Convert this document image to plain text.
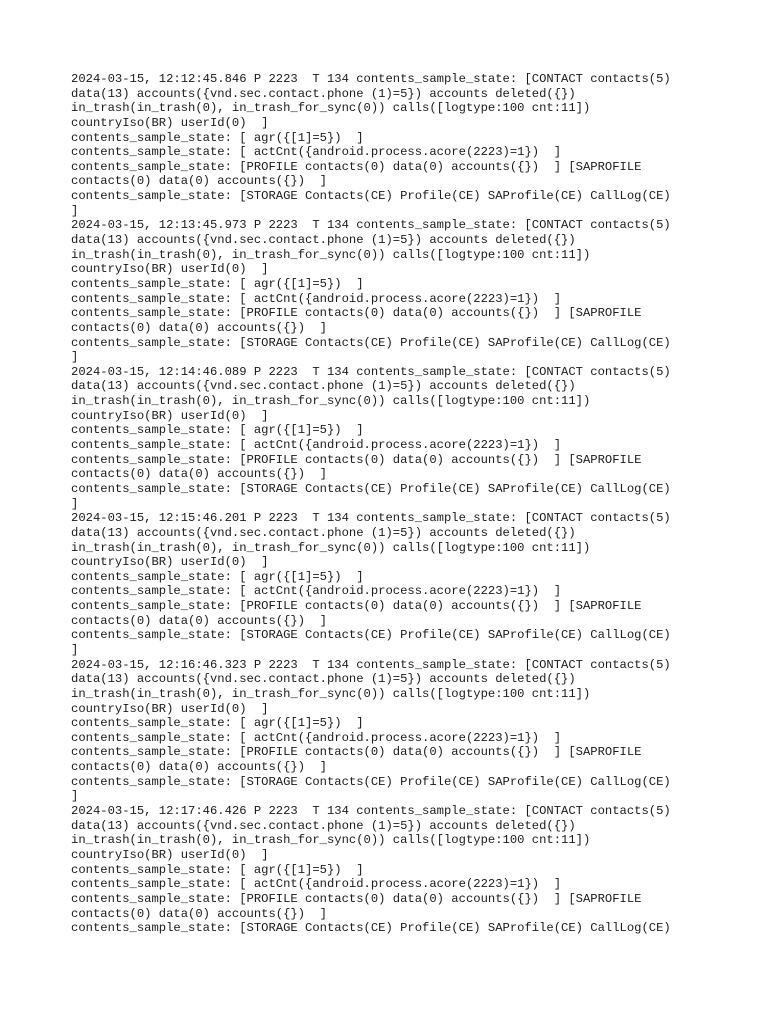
2024-03-15, 12:12:45.846 P 2223  T 134 contents_sample_state: [CONTACT contacts(5)
data(13) accounts({vnd.sec.contact.phone (1)=5}) accounts deleted({})
in_trash(in_trash(0), in_trash_for_sync(0)) calls([logtype:100 cnt:11])
countryIso(BR) userId(0)  ]
contents_sample_state: [ agr({[1]=5})  ]
contents_sample_state: [ actCnt({android.process.acore(2223)=1})  ]
contents_sample_state: [PROFILE contacts(0) data(0) accounts({})  ] [SAPROFILE
contacts(0) data(0) accounts({})  ]
contents_sample_state: [STORAGE Contacts(CE) Profile(CE) SAProfile(CE) CallLog(CE)
]
2024-03-15, 12:13:45.973 P 2223  T 134 contents_sample_state: [CONTACT contacts(5)
data(13) accounts({vnd.sec.contact.phone (1)=5}) accounts deleted({})
in_trash(in_trash(0), in_trash_for_sync(0)) calls([logtype:100 cnt:11])
countryIso(BR) userId(0)  ]
contents_sample_state: [ agr({[1]=5})  ]
contents_sample_state: [ actCnt({android.process.acore(2223)=1})  ]
contents_sample_state: [PROFILE contacts(0) data(0) accounts({})  ] [SAPROFILE
contacts(0) data(0) accounts({})  ]
contents_sample_state: [STORAGE Contacts(CE) Profile(CE) SAProfile(CE) CallLog(CE)
]
2024-03-15, 12:14:46.089 P 2223  T 134 contents_sample_state: [CONTACT contacts(5)
data(13) accounts({vnd.sec.contact.phone (1)=5}) accounts deleted({})
in_trash(in_trash(0), in_trash_for_sync(0)) calls([logtype:100 cnt:11])
countryIso(BR) userId(0)  ]
contents_sample_state: [ agr({[1]=5})  ]
contents_sample_state: [ actCnt({android.process.acore(2223)=1})  ]
contents_sample_state: [PROFILE contacts(0) data(0) accounts({})  ] [SAPROFILE
contacts(0) data(0) accounts({})  ]
contents_sample_state: [STORAGE Contacts(CE) Profile(CE) SAProfile(CE) CallLog(CE)
]
2024-03-15, 12:15:46.201 P 2223  T 134 contents_sample_state: [CONTACT contacts(5)
data(13) accounts({vnd.sec.contact.phone (1)=5}) accounts deleted({})
in_trash(in_trash(0), in_trash_for_sync(0)) calls([logtype:100 cnt:11])
countryIso(BR) userId(0)  ]
contents_sample_state: [ agr({[1]=5})  ]
contents_sample_state: [ actCnt({android.process.acore(2223)=1})  ]
contents_sample_state: [PROFILE contacts(0) data(0) accounts({})  ] [SAPROFILE
contacts(0) data(0) accounts({})  ]
contents_sample_state: [STORAGE Contacts(CE) Profile(CE) SAProfile(CE) CallLog(CE)
]
2024-03-15, 12:16:46.323 P 2223  T 134 contents_sample_state: [CONTACT contacts(5)
data(13) accounts({vnd.sec.contact.phone (1)=5}) accounts deleted({})
in_trash(in_trash(0), in_trash_for_sync(0)) calls([logtype:100 cnt:11])
countryIso(BR) userId(0)  ]
contents_sample_state: [ agr({[1]=5})  ]
contents_sample_state: [ actCnt({android.process.acore(2223)=1})  ]
contents_sample_state: [PROFILE contacts(0) data(0) accounts({})  ] [SAPROFILE
contacts(0) data(0) accounts({})  ]
contents_sample_state: [STORAGE Contacts(CE) Profile(CE) SAProfile(CE) CallLog(CE)
]
2024-03-15, 12:17:46.426 P 2223  T 134 contents_sample_state: [CONTACT contacts(5)
data(13) accounts({vnd.sec.contact.phone (1)=5}) accounts deleted({})
in_trash(in_trash(0), in_trash_for_sync(0)) calls([logtype:100 cnt:11])
countryIso(BR) userId(0)  ]
contents_sample_state: [ agr({[1]=5})  ]
contents_sample_state: [ actCnt({android.process.acore(2223)=1})  ]
contents_sample_state: [PROFILE contacts(0) data(0) accounts({})  ] [SAPROFILE
contacts(0) data(0) accounts({})  ]
contents_sample_state: [STORAGE Contacts(CE) Profile(CE) SAProfile(CE) CallLog(CE)
